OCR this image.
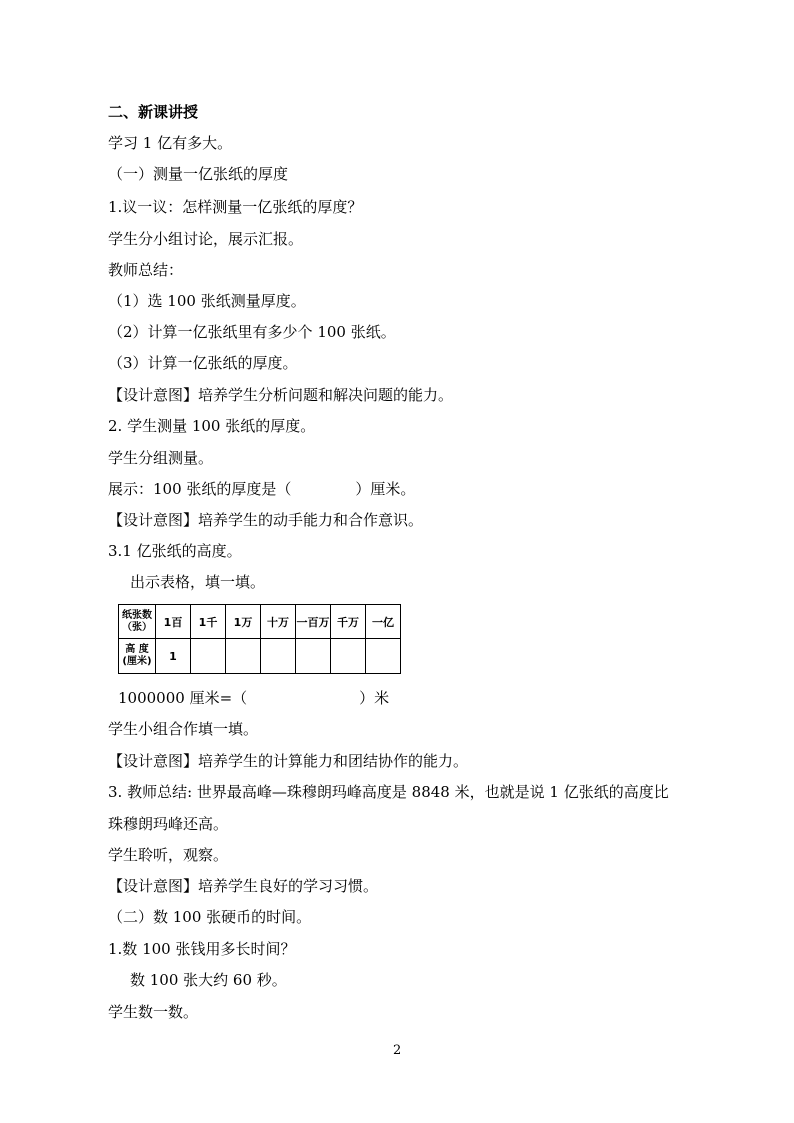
二、新课讲授
学习 1 亿有多大。
（一）测量一亿张纸的厚度
1.议一议：怎样测量一亿张纸的厚度？
学生分小组讨论，展示汇报。
教师总结：
（1）选 100 张纸测量厚度。
（2）计算一亿张纸里有多少个 100 张纸。
（3）计算一亿张纸的厚度。
【设计意图】培养学生分析问题和解决问题的能力。
2. 学生测量 100 张纸的厚度。
学生分组测量。
展示：100 张纸的厚度是（	）厘米。
【设计意图】培养学生的动手能力和合作意识。
3.1 亿张纸的高度。
出示表格，填一填。
纸张数
（张）	1百	1千	1万	十万	一百万	千万	一亿

高 度
(厘米)	1						
1000000 厘米=（	）米
学生小组合作填一填。
【设计意图】培养学生的计算能力和团结协作的能力。
3. 教师总结: 世界最高峰—珠穆朗玛峰高度是 8848 米，也就是说 1 亿张纸的高度比
珠穆朗玛峰还高。
学生聆听，观察。
【设计意图】培养学生良好的学习习惯。
（二）数 100 张硬币的时间。
1.数 100 张钱用多长时间？
数 100 张大约 60 秒。
学生数一数。
2
